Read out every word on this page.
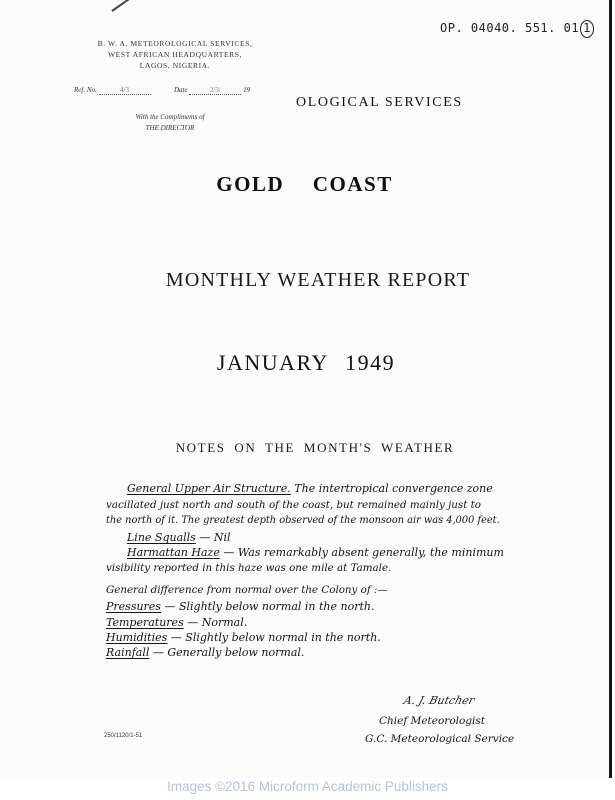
OP. 04040. 551. 01 1
B. W. A. METEOROLOGICAL SERVICES,
WEST AFRICAN HEADQUARTERS,
LAGOS, NIGERIA.
Ref. No.	4/3	Date	2/3/	19
With the Compliments of
THE DIRECTOR
OLOGICAL SERVICES
GOLD COAST
MONTHLY WEATHER REPORT
JANUARY 1949
NOTES ON THE MONTH'S WEATHER
General Upper Air Structure. The intertropical convergence zone
vacillated just north and south of the coast, but remained mainly just to
the north of it. The greatest depth observed of the monsoon air was 4,000 feet.
Line Squalls — Nil
Harmattan Haze — Was remarkably absent generally, the minimum
visibility reported in this haze was one mile at Tamale.
General difference from normal over the Colony of :—
Pressures — Slightly below normal in the north.
Temperatures — Normal.
Humidities — Slightly below normal in the north.
Rainfall — Generally below normal.
A. J. Butcher
Chief Meteorologist
G.C. Meteorological Service
250/1120/1-51
Images ©2016 Microform Academic Publishers
